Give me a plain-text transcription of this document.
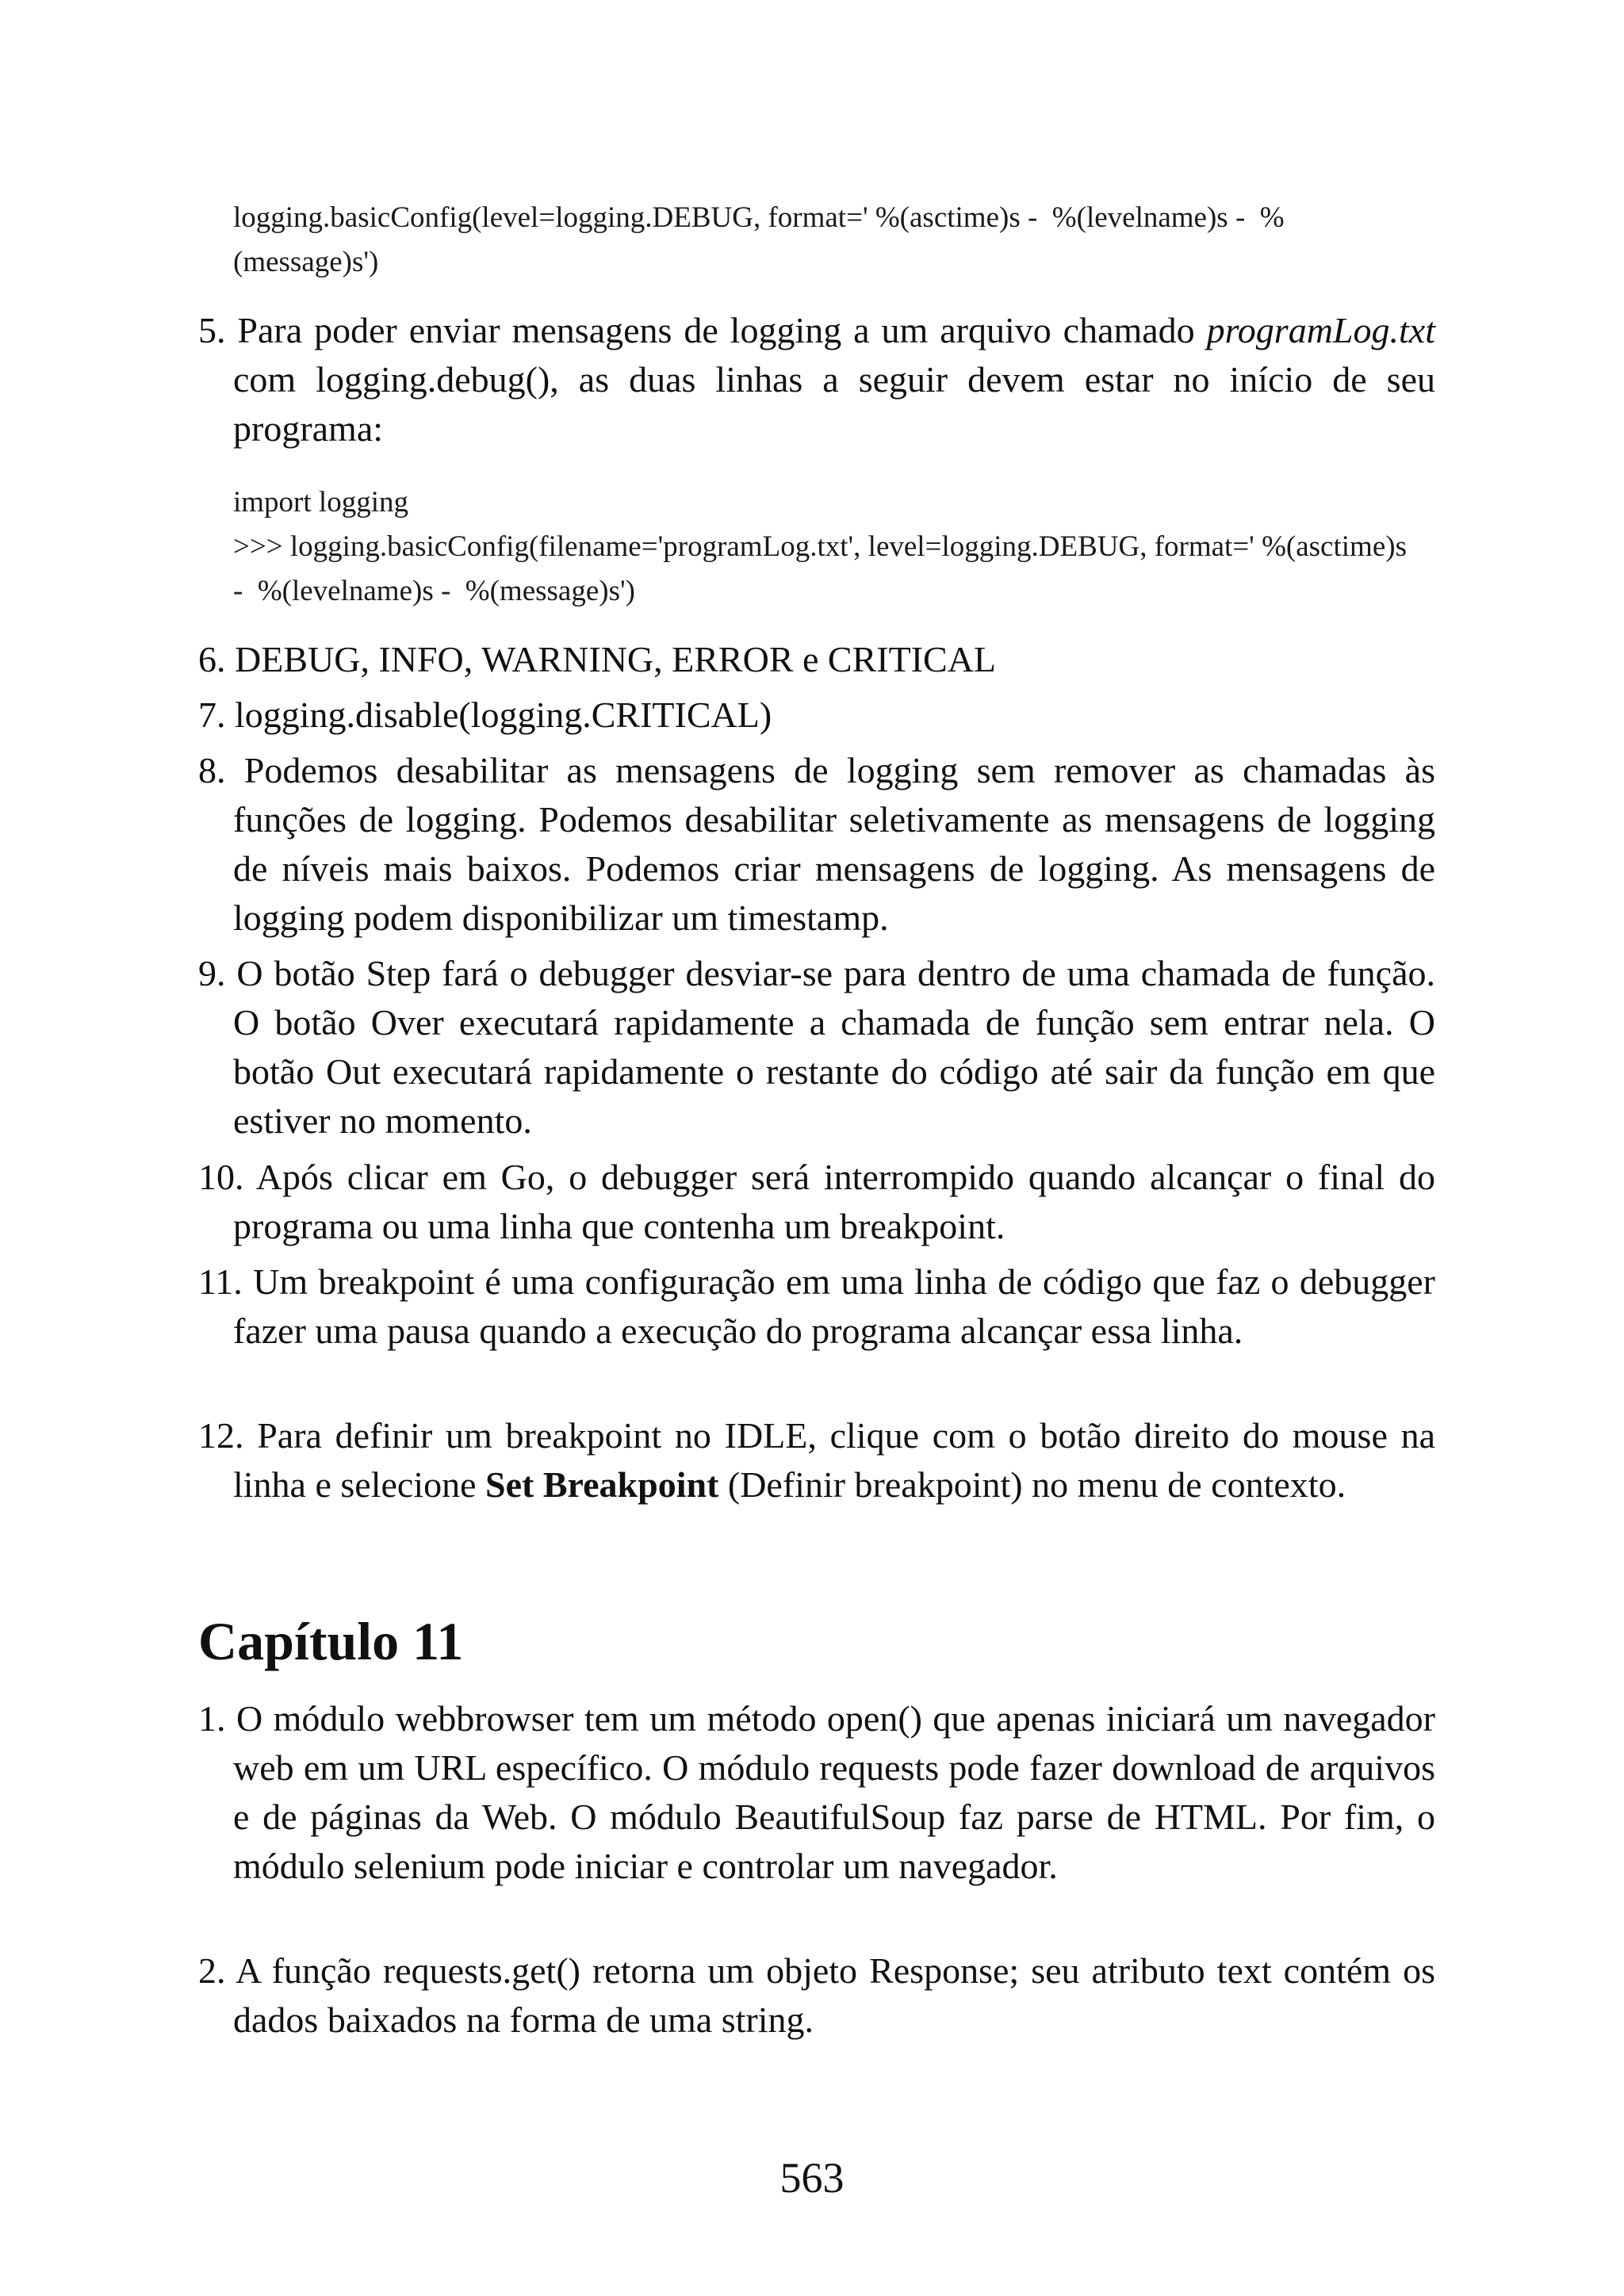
logging.basicConfig(level=logging.DEBUG, format=' %(asctime)s -  %(levelname)s -  %
(message)s')
5. Para poder enviar mensagens de logging a um arquivo chamado programLog.txt com logging.debug(), as duas linhas a seguir devem estar no início de seu programa:
import logging
>>> logging.basicConfig(filename='programLog.txt', level=logging.DEBUG, format=' %(asctime)s
-  %(levelname)s -  %(message)s')
6. DEBUG, INFO, WARNING, ERROR e CRITICAL
7. logging.disable(logging.CRITICAL)
8. Podemos desabilitar as mensagens de logging sem remover as chamadas às funções de logging. Podemos desabilitar seletivamente as mensagens de logging de níveis mais baixos. Podemos criar mensagens de logging. As mensagens de logging podem disponibilizar um timestamp.
9. O botão Step fará o debugger desviar-se para dentro de uma chamada de função. O botão Over executará rapidamente a chamada de função sem entrar nela. O botão Out executará rapidamente o restante do código até sair da função em que estiver no momento.
10. Após clicar em Go, o debugger será interrompido quando alcançar o final do programa ou uma linha que contenha um breakpoint.
11. Um breakpoint é uma configuração em uma linha de código que faz o debugger fazer uma pausa quando a execução do programa alcançar essa linha.
12. Para definir um breakpoint no IDLE, clique com o botão direito do mouse na linha e selecione Set Breakpoint (Definir breakpoint) no menu de contexto.
Capítulo 11
1. O módulo webbrowser tem um método open() que apenas iniciará um navegador web em um URL específico. O módulo requests pode fazer download de arquivos e de páginas da Web. O módulo BeautifulSoup faz parse de HTML. Por fim, o módulo selenium pode iniciar e controlar um navegador.
2. A função requests.get() retorna um objeto Response; seu atributo text contém os dados baixados na forma de uma string.
563
